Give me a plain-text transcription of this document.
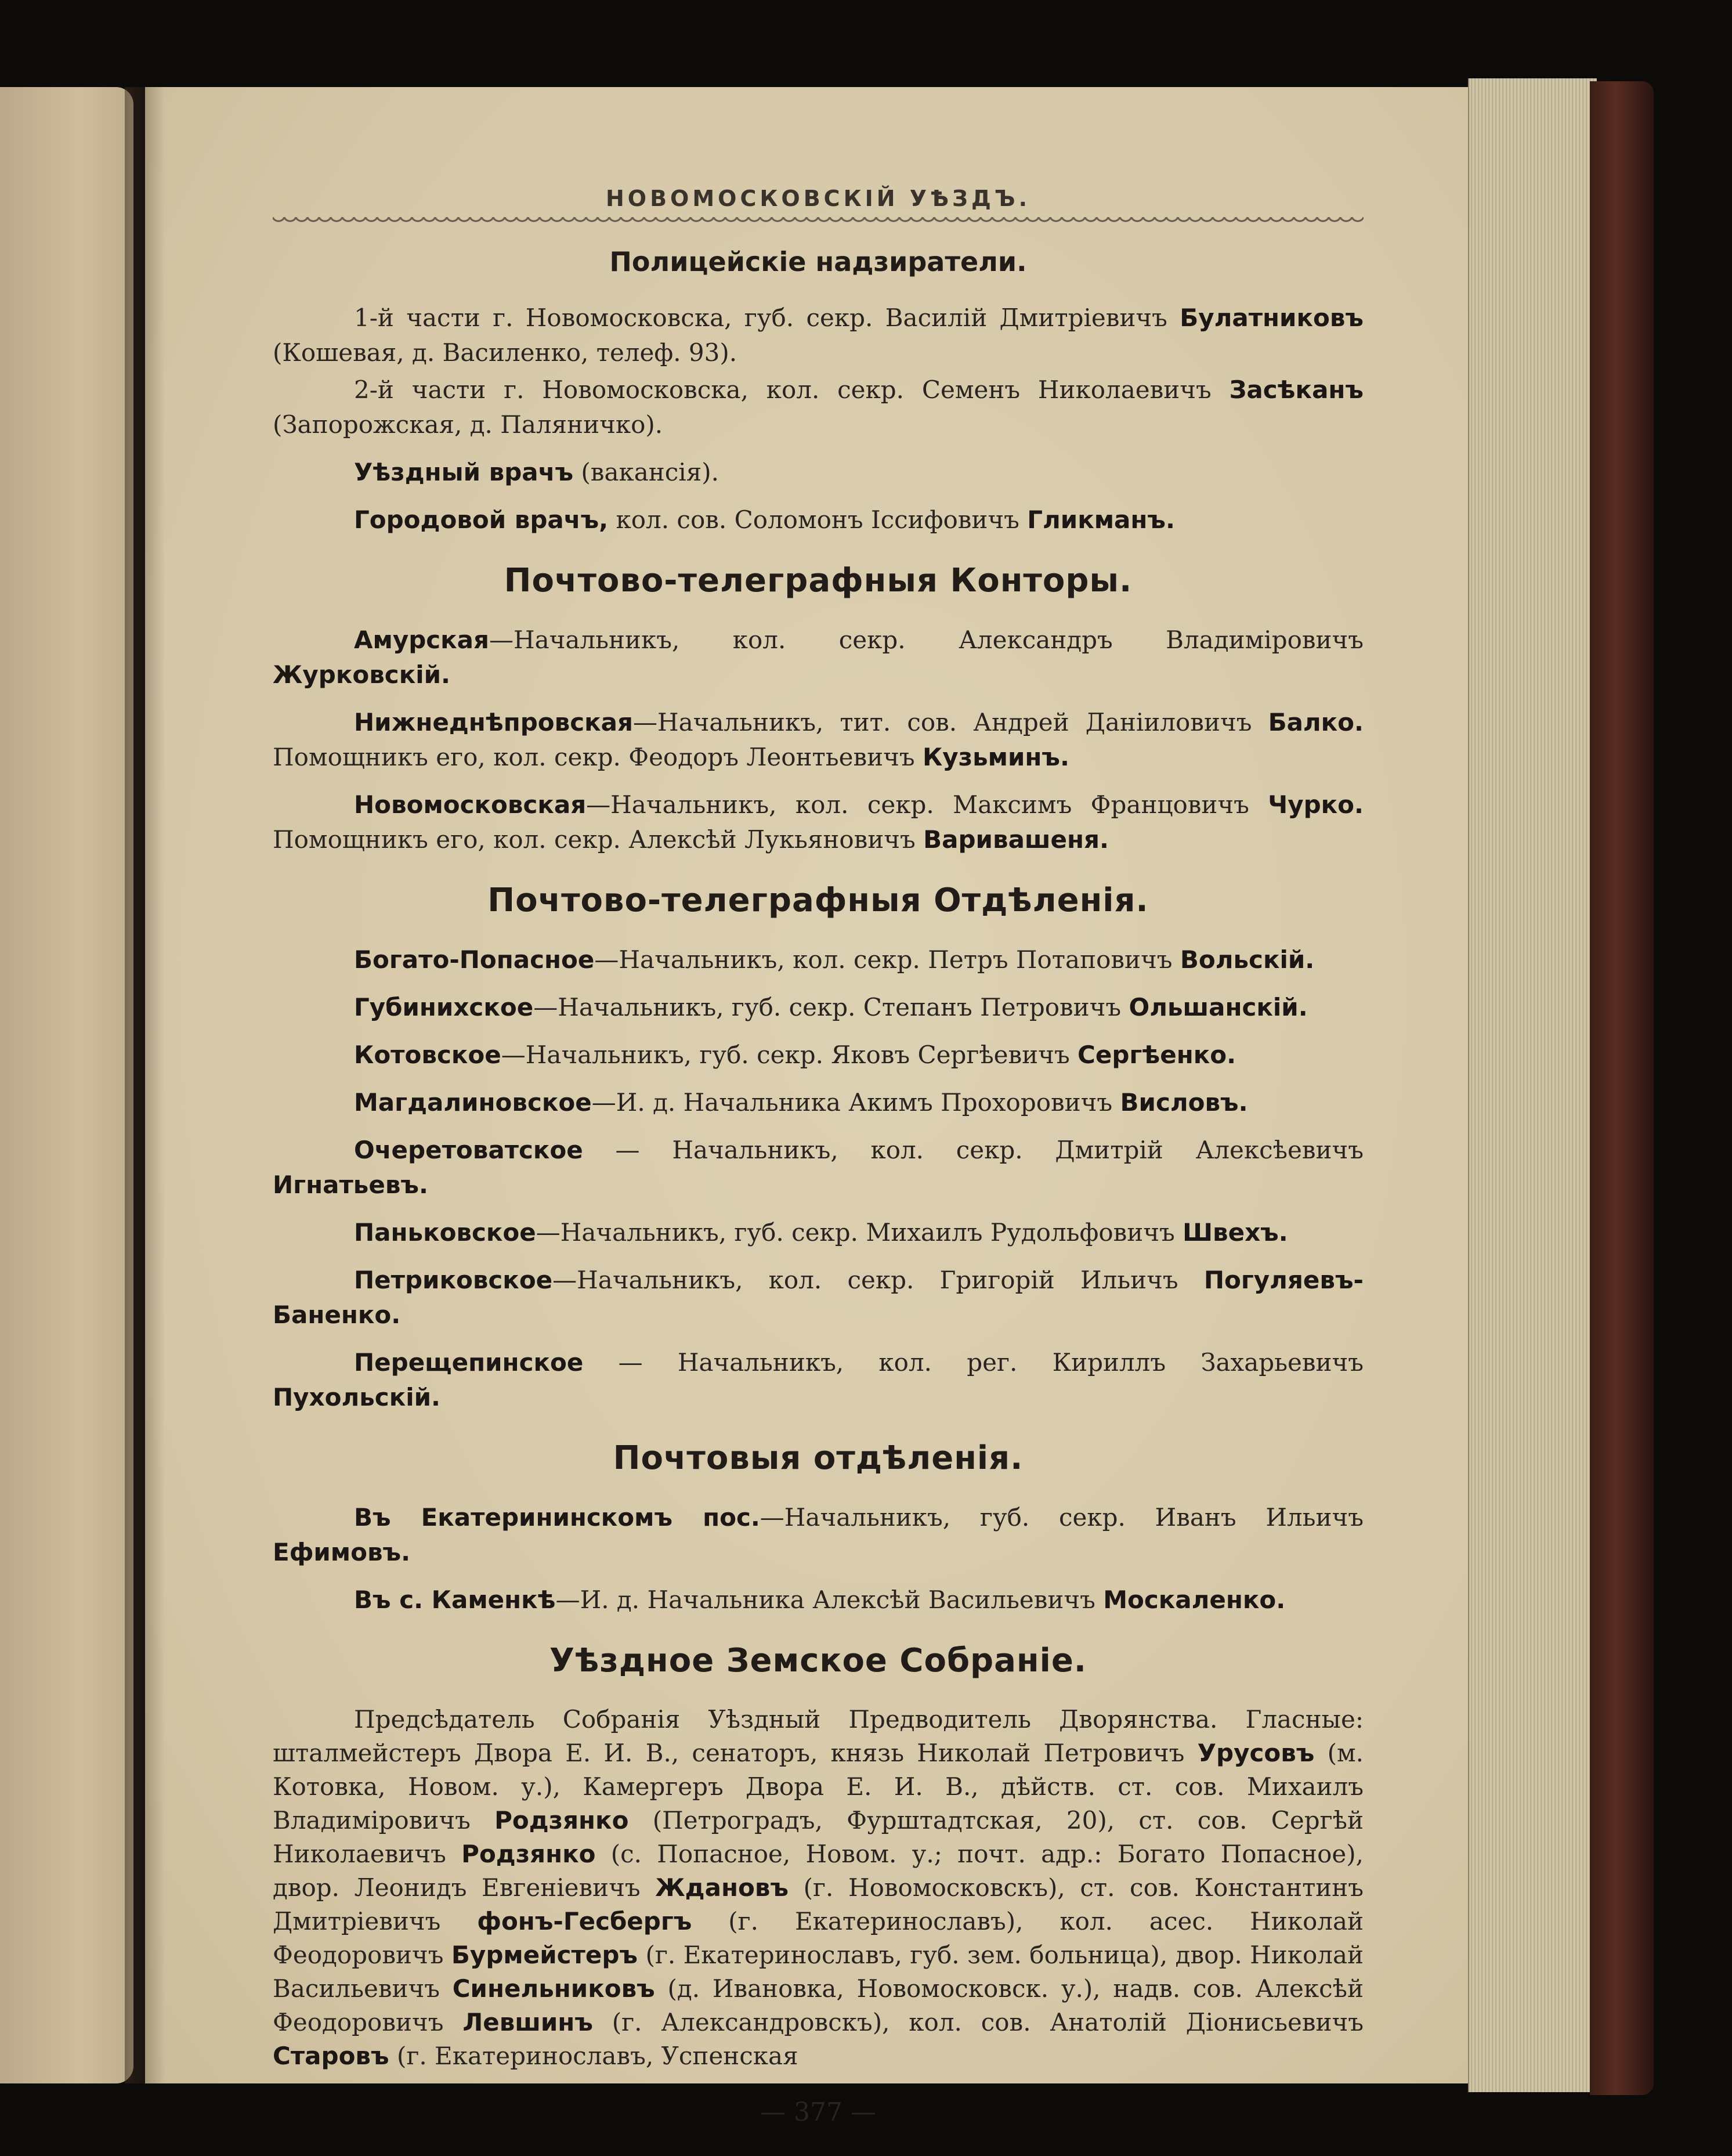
НОВОМОСКОВСКІЙ УѢЗДЪ.
Полицейскіе надзиратели.

1-й части г. Новомосковска, губ. секр. Василій Дмитріевичъ Булатниковъ (Кошевая, д. Василенко, телеф. 93).

2-й части г. Новомосковска, кол. секр. Семенъ Николаевичъ Засѣканъ (Запорожская, д. Паляничко).

Уѣздный врачъ (вакансія).

Городовой врачъ, кол. сов. Соломонъ Іссифовичъ Гликманъ.

Почтово-телеграфныя Конторы.

Амурская—Начальникъ, кол. секр. Александръ Владиміровичъ Журковскій.

Нижнеднѣпровская—Начальникъ, тит. сов. Андрей Даніиловичъ Балко. Помощникъ его, кол. секр. Феодоръ Леонтьевичъ Кузьминъ.

Новомосковская—Начальникъ, кол. секр. Максимъ Францовичъ Чурко. Помощникъ его, кол. секр. Алексѣй Лукьяновичъ Варивашеня.

Почтово-телеграфныя Отдѣленія.

Богато-Попасное—Начальникъ, кол. секр. Петръ Потаповичъ Вольскій.

Губинихское—Начальникъ, губ. секр. Степанъ Петровичъ Ольшанскій.

Котовское—Начальникъ, губ. секр. Яковъ Сергѣевичъ Сергѣенко.

Магдалиновское—И. д. Начальника Акимъ Прохоровичъ Висловъ.

Очеретоватское — Начальникъ, кол. секр. Дмитрій Алексѣевичъ Игнатьевъ.

Паньковское—Начальникъ, губ. секр. Михаилъ Рудольфовичъ Швехъ.

Петриковское—Начальникъ, кол. секр. Григорій Ильичъ Погуляевъ-Баненко.

Перещепинское — Начальникъ, кол. рег. Кириллъ Захарьевичъ Пухольскій.

Почтовыя отдѣленія.

Въ Екатерининскомъ пос.—Начальникъ, губ. секр. Иванъ Ильичъ Ефимовъ.

Въ с. Каменкѣ—И. д. Начальника Алексѣй Васильевичъ Москаленко.

Уѣздное Земское Собраніе.

Предсѣдатель Собранія Уѣздный Предводитель Дворянства. Гласные: шталмейстеръ Двора Е. И. В., сенаторъ, князь Николай Петровичъ Урусовъ (м. Котовка, Новом. у.), Камергеръ Двора Е. И. В., дѣйств. ст. сов. Михаилъ Владиміровичъ Родзянко (Петроградъ, Фурштадтская, 20), ст. сов. Сергѣй Николаевичъ Родзянко (с. Попасное, Новом. у.; почт. адр.: Богато Попасное), двор. Леонидъ Евгеніевичъ Ждановъ (г. Новомосковскъ), ст. сов. Константинъ Дмитріевичъ фонъ-Гесбергъ (г. Екатеринославъ), кол. асес. Николай Феодоровичъ Бурмейстеръ (г. Екатеринославъ, губ. зем. больница), двор. Николай Васильевичъ Синельниковъ (д. Ивановка, Новомосковск. у.), надв. сов. Алексѣй Феодоровичъ Левшинъ (г. Александровскъ), кол. сов. Анатолій Діонисьевичъ Старовъ (г. Екатеринославъ, Успенская

— 377 —
